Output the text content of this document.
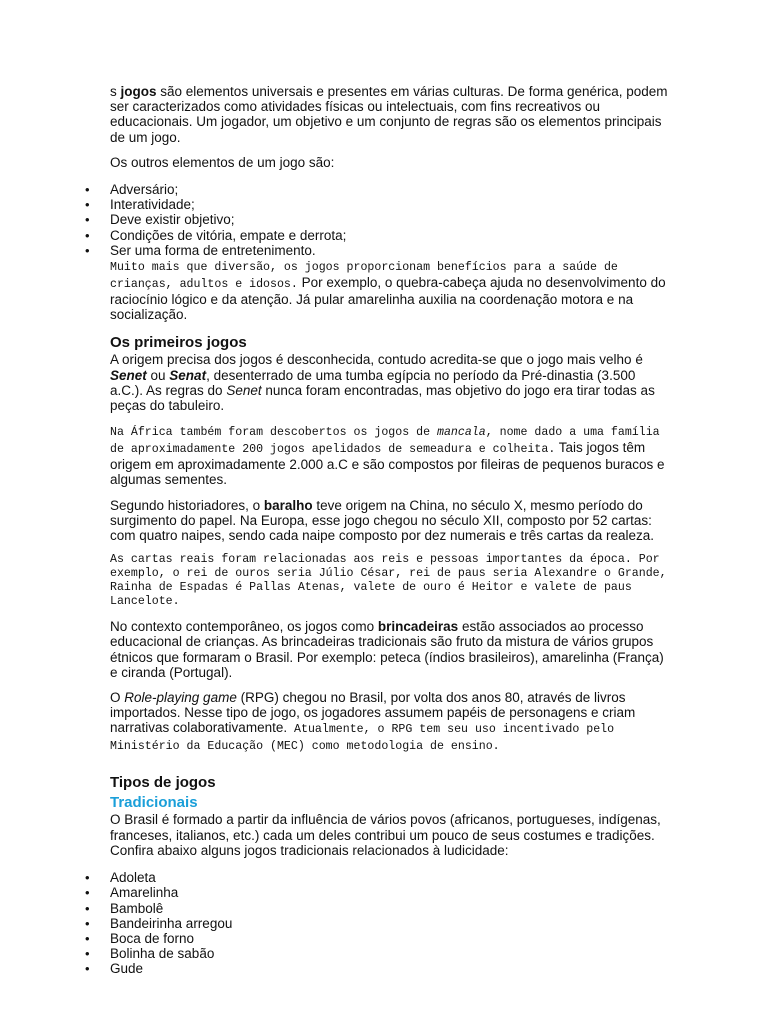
s jogos são elementos universais e presentes em várias culturas. De forma genérica, podem ser caracterizados como atividades físicas ou intelectuais, com fins recreativos ou educacionais. Um jogador, um objetivo e um conjunto de regras são os elementos principais de um jogo.

Os outros elementos de um jogo são:

• Adversário;
• Interatividade;
• Deve existir objetivo;
• Condições de vitória, empate e derrota;
• Ser uma forma de entretenimento.

Muito mais que diversão, os jogos proporcionam benefícios para a saúde de crianças, adultos e idosos. Por exemplo, o quebra-cabeça ajuda no desenvolvimento do raciocínio lógico e da atenção. Já pular amarelinha auxilia na coordenação motora e na socialização.

Os primeiros jogos

A origem precisa dos jogos é desconhecida, contudo acredita-se que o jogo mais velho é Senet ou Senat, desenterrado de uma tumba egípcia no período da Pré-dinastia (3.500 a.C.). As regras do Senet nunca foram encontradas, mas objetivo do jogo era tirar todas as peças do tabuleiro.

Na África também foram descobertos os jogos de mancala, nome dado a uma família de aproximadamente 200 jogos apelidados de semeadura e colheita. Tais jogos têm origem em aproximadamente 2.000 a.C e são compostos por fileiras de pequenos buracos e algumas sementes.

Segundo historiadores, o baralho teve origem na China, no século X, mesmo período do surgimento do papel. Na Europa, esse jogo chegou no século XII, composto por 52 cartas: com quatro naipes, sendo cada naipe composto por dez numerais e três cartas da realeza.

As cartas reais foram relacionadas aos reis e pessoas importantes da época. Por exemplo, o rei de ouros seria Júlio César, rei de paus seria Alexandre o Grande, Rainha de Espadas é Pallas Atenas, valete de ouro é Heitor e valete de paus Lancelote.

No contexto contemporâneo, os jogos como brincadeiras estão associados ao processo educacional de crianças. As brincadeiras tradicionais são fruto da mistura de vários grupos étnicos que formaram o Brasil. Por exemplo: peteca (índios brasileiros), amarelinha (França) e ciranda (Portugal).

O Role-playing game (RPG) chegou no Brasil, por volta dos anos 80, através de livros importados. Nesse tipo de jogo, os jogadores assumem papéis de personagens e criam narrativas colaborativamente. Atualmente, o RPG tem seu uso incentivado pelo Ministério da Educação (MEC) como metodologia de ensino.

Tipos de jogos
Tradicionais

O Brasil é formado a partir da influência de vários povos (africanos, portugueses, indígenas, franceses, italianos, etc.) cada um deles contribui um pouco de seus costumes e tradições. Confira abaixo alguns jogos tradicionais relacionados à ludicidade:

• Adoleta
• Amarelinha
• Bambolê
• Bandeirinha arregou
• Boca de forno
• Bolinha de sabão
• Gude
